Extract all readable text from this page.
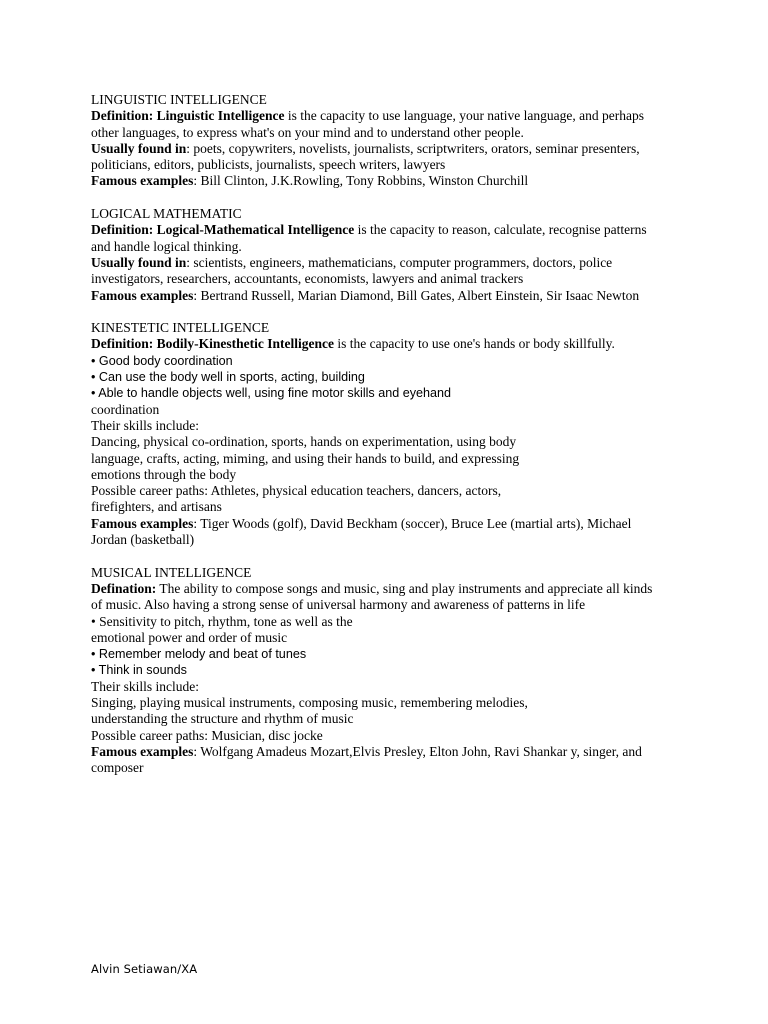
LINGUISTIC INTELLIGENCE
Definition: Linguistic Intelligence is the capacity to use language, your native language, and perhaps
other languages, to express what's on your mind and to understand other people.
Usually found in: poets, copywriters, novelists, journalists, scriptwriters, orators, seminar presenters,
politicians, editors, publicists, journalists, speech writers, lawyers
Famous examples: Bill Clinton, J.K.Rowling, Tony Robbins, Winston Churchill
LOGICAL MATHEMATIC
Definition: Logical-Mathematical Intelligence is the capacity to reason, calculate, recognise patterns
and handle logical thinking.
Usually found in: scientists, engineers, mathematicians, computer programmers, doctors, police
investigators, researchers, accountants, economists, lawyers and animal trackers
Famous examples: Bertrand Russell, Marian Diamond, Bill Gates, Albert Einstein, Sir Isaac Newton
KINESTETIC INTELLIGENCE
Definition: Bodily-Kinesthetic Intelligence is the capacity to use one's hands or body skillfully.
• Good body coordination
• Can use the body well in sports, acting, building
• Able to handle objects well, using fine motor skills and eyehand
coordination
Their skills include:
Dancing, physical co-ordination, sports, hands on experimentation, using body
language, crafts, acting, miming, and using their hands to build, and expressing
emotions through the body
Possible career paths: Athletes, physical education teachers, dancers, actors,
firefighters, and artisans
Famous examples: Tiger Woods (golf), David Beckham (soccer), Bruce Lee (martial arts), Michael
Jordan (basketball)
MUSICAL INTELLIGENCE
Defination: The ability to compose songs and music, sing and play instruments and appreciate all kinds
of music. Also having a strong sense of universal harmony and awareness of patterns in life
• Sensitivity to pitch, rhythm, tone as well as the
emotional power and order of music
• Remember melody and beat of tunes
• Think in sounds
Their skills include:
Singing, playing musical instruments, composing music, remembering melodies,
understanding the structure and rhythm of music
Possible career paths: Musician, disc jocke
Famous examples: Wolfgang Amadeus Mozart,Elvis Presley, Elton John, Ravi Shankar y, singer, and
composer
Alvin Setiawan/XA
